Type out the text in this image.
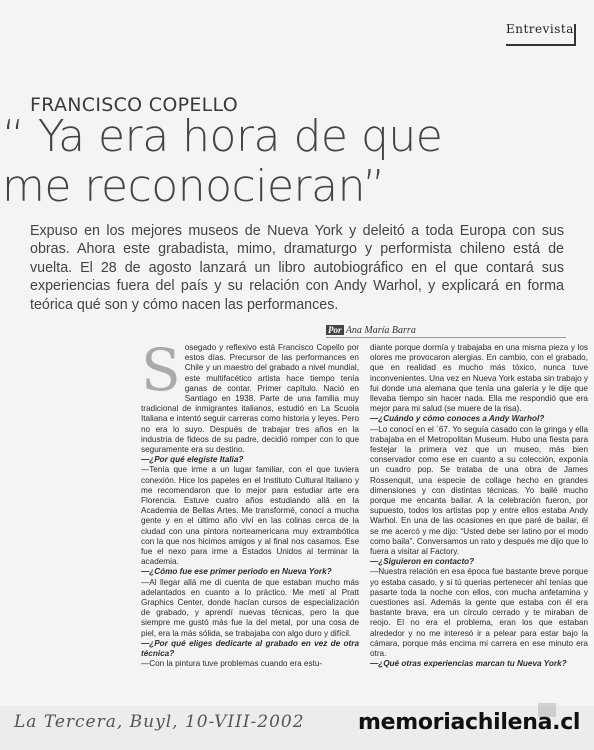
Entrevista
FRANCISCO COPELLO
“ Ya era hora de que
me reconocieran”
Expuso en los mejores museos de Nueva York y deleitó a toda Europa con sus obras. Ahora este grabadista, mimo, dramaturgo y performista chileno está de vuelta. El 28 de agosto lanzará un libro autobiográfico en el que contará sus experiencias fuera del país y su relación con Andy Warhol, y explicará en forma teórica qué son y cómo nacen las performances.
Por Ana María Barra
S osegado y reflexivo está Francisco Copello por estos días. Precursor de las performances en Chile y un maestro del grabado a nivel mundial, este multifacético artista hace tiempo tenía ganas de contar. Primer capítulo. Nació en Santiago en 1938. Parte de una familia muy tradicional de inmigrantes italianos, estudió en La Scuola Italiana e intentó seguir carreras como historia y leyes. Pero no era lo suyo. Después de trabajar tres años en la industria de fideos de su padre, decidió romper con lo que seguramente era su destino.

—¿Por qué elegiste Italia?

—Tenía que irme a un lugar familiar, con el que tuviera conexión. Hice los papeles en el Instituto Cultural Italiano y me recomendaron que lo mejor para estudiar arte era Florencia. Estuve cuatro años estudiando allá en la Academia de Bellas Artes. Me transformé, conocí a mucha gente y en el último año viví en las colinas cerca de la ciudad con una pintora norteamericana muy extrambótica con la que nos hicimos amigos y al final nos casamos. Ese fue el nexo para irme a Estados Unidos al terminar la academia.

—¿Cómo fue ese primer periodo en Nueva York?

—Al llegar allá me di cuenta de que estaban mucho más adelantados en cuanto a lo práctico. Me metí al Pratt Graphics Center, donde hacían cursos de especialización de grabado, y aprendí nuevas técnicas, pero la que siempre me gustó más fue la del metal, por una cosa de piel, era la más sólida, se trabajaba con algo duro y difícil.

—¿Por qué eliges dedicarte al grabado en vez de otra técnica?

—Con la pintura tuve problemas cuando era estu-

diante porque dormía y trabajaba en una misma pieza y los olores me provocaron alergias. En cambio, con el grabado, que en realidad es mucho más tóxico, nunca tuve inconvenientes. Una vez en Nueva York estaba sin trabajo y fui donde una alemana que tenía una galería y le dije que llevaba tiempo sin hacer nada. Ella me respondió que era mejor para mi salud (se muere de la risa).

—¿Cuándo y cómo conoces a Andy Warhol?

—Lo conocí en el ´67. Yo seguía casado con la gringa y ella trabajaba en el Metropolitan Museum. Hubo una fiesta para festejar la primera vez que un museo, más bien conservador como ese en cuanto a su colección, exponía un cuadro pop. Se trataba de una obra de James Rossenquit, una especie de collage hecho en grandes dimensiones y con distintas técnicas. Yo bailé mucho porque me encanta bailar. A la celebración fueron, por supuesto, todos los artistas pop y entre ellos estaba Andy Warhol. En una de las ocasiones en que paré de bailar, él se me acercó y me dijo: “Usted debe ser latino por el modo como baila”. Conversamos un rato y después me dijo que lo fuera a visitar al Factory.

—¿Siguieron en contacto?

—Nuestra relación en esa época fue bastante breve porque yo estaba casado, y si tú querias pertenecer ahí tenías que pasarte toda la noche con ellos, con mucha anfetamina y cuestiones así. Además la gente que estaba con él era bastante brava, era un círculo cerrado y te miraban de reojo. El no era el problema, eran los que estaban alrededor y no me interesó ir a pelear para estar bajo la cámara, porque más encima mi carrera en ese minuto era otra.

—¿Qué otras experiencias marcan tu Nueva York?

La Tercera, Buyl, 10-VIII-2002 memoriachilena.cl
